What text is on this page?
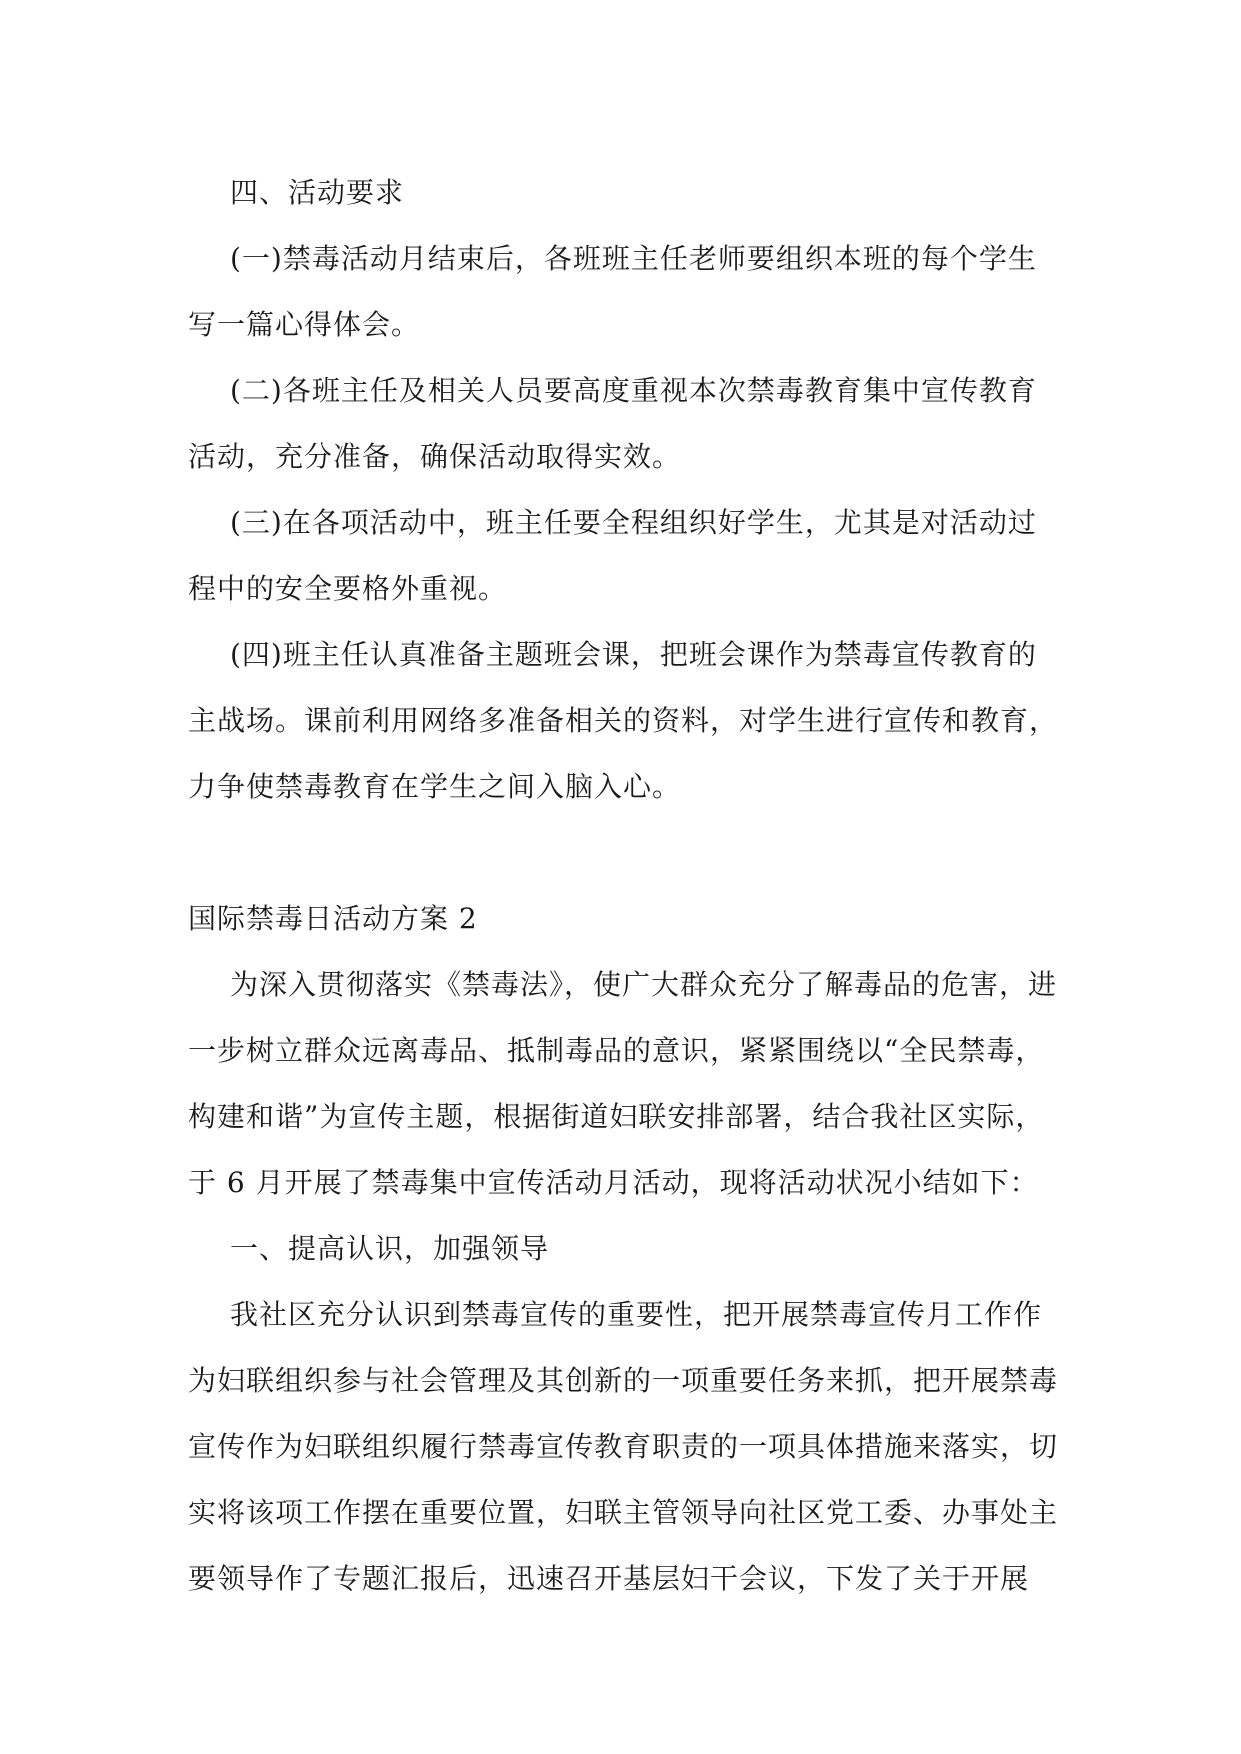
四、活动要求
(一)禁毒活动月结束后，各班班主任老师要组织本班的每个学生
写一篇心得体会。
(二)各班主任及相关人员要高度重视本次禁毒教育集中宣传教育
活动，充分准备，确保活动取得实效。
(三)在各项活动中，班主任要全程组织好学生，尤其是对活动过
程中的安全要格外重视。
(四)班主任认真准备主题班会课，把班会课作为禁毒宣传教育的
主战场。课前利用网络多准备相关的资料，对学生进行宣传和教育，
力争使禁毒教育在学生之间入脑入心。
国际禁毒日活动方案 2
为深入贯彻落实《禁毒法》，使广大群众充分了解毒品的危害，进
一步树立群众远离毒品、抵制毒品的意识，紧紧围绕以“全民禁毒，
构建和谐”为宣传主题，根据街道妇联安排部署，结合我社区实际，
于 6 月开展了禁毒集中宣传活动月活动，现将活动状况小结如下：
一、提高认识，加强领导
我社区充分认识到禁毒宣传的重要性，把开展禁毒宣传月工作作
为妇联组织参与社会管理及其创新的一项重要任务来抓，把开展禁毒
宣传作为妇联组织履行禁毒宣传教育职责的一项具体措施来落实，切
实将该项工作摆在重要位置，妇联主管领导向社区党工委、办事处主
要领导作了专题汇报后，迅速召开基层妇干会议，下发了关于开展
